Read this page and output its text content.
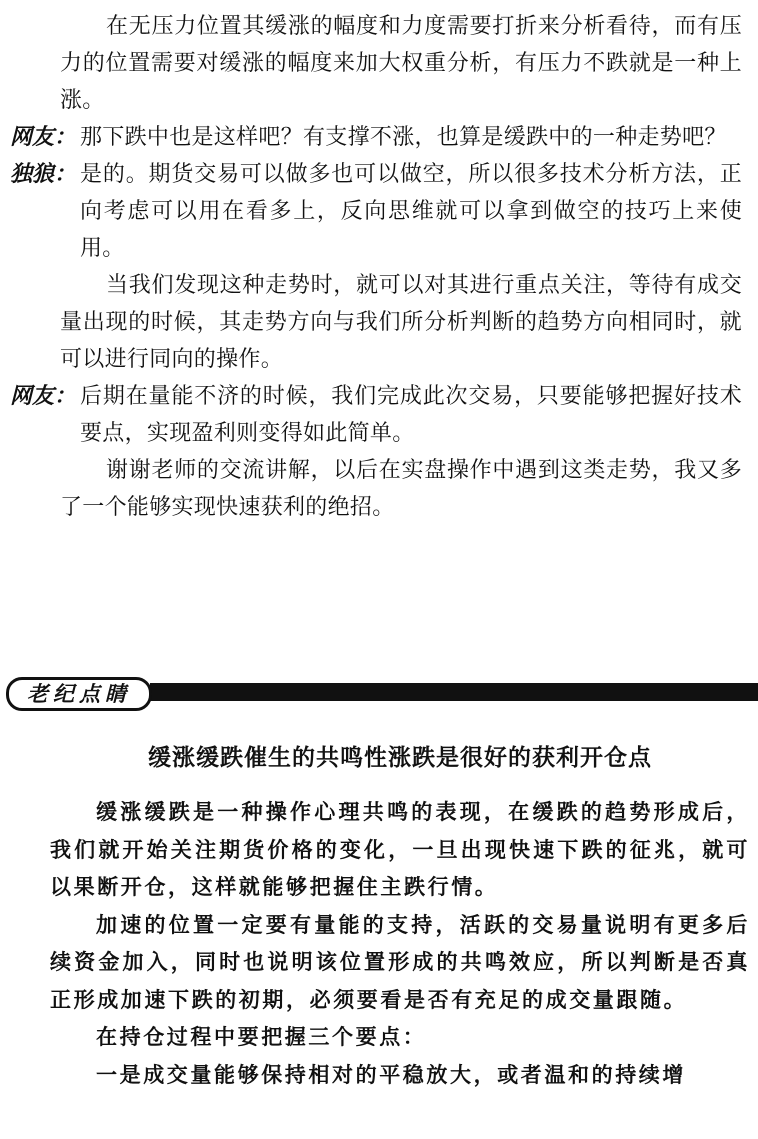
在无压力位置其缓涨的幅度和力度需要打折来分析看待，而有压力的位置需要对缓涨的幅度来加大权重分析，有压力不跌就是一种上涨。

网友： 那下跌中也是这样吧？有支撑不涨，也算是缓跌中的一种走势吧？
独狼： 是的。期货交易可以做多也可以做空，所以很多技术分析方法，正向考虑可以用在看多上，反向思维就可以拿到做空的技巧上来使用。

当我们发现这种走势时，就可以对其进行重点关注，等待有成交量出现的时候，其走势方向与我们所分析判断的趋势方向相同时，就可以进行同向的操作。

网友： 后期在量能不济的时候，我们完成此次交易，只要能够把握好技术要点，实现盈利则变得如此简单。

谢谢老师的交流讲解，以后在实盘操作中遇到这类走势，我又多了一个能够实现快速获利的绝招。

老纪点睛
缓涨缓跌催生的共鸣性涨跌是很好的获利开仓点

缓涨缓跌是一种操作心理共鸣的表现，在缓跌的趋势形成后，我们就开始关注期货价格的变化，一旦出现快速下跌的征兆，就可以果断开仓，这样就能够把握住主跌行情。

加速的位置一定要有量能的支持，活跃的交易量说明有更多后续资金加入，同时也说明该位置形成的共鸣效应，所以判断是否真正形成加速下跌的初期，必须要看是否有充足的成交量跟随。

在持仓过程中要把握三个要点：

一是成交量能够保持相对的平稳放大，或者温和的持续增
